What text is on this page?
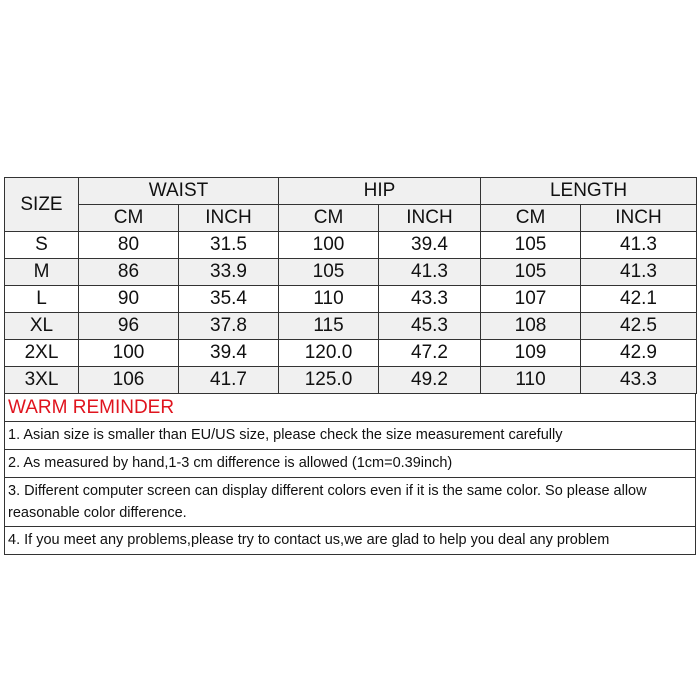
SIZE	WAIST		HIP		LENGTH	
	CM	INCH	CM	INCH	CM	INCH
S	80	31.5	100	39.4	105	41.3
M	86	33.9	105	41.3	105	41.3
L	90	35.4	110	43.3	107	42.1
XL	96	37.8	115	45.3	108	42.5
2XL	100	39.4	120.0	47.2	109	42.9
3XL	106	41.7	125.0	49.2	110	43.3
WARM REMINDER
1. Asian size is smaller than EU/US size, please check the size measurement carefully
2. As measured by hand,1-3 cm difference is allowed (1cm=0.39inch)
3. Different computer screen can display different colors even if it is the same color. So please allow reasonable color difference.
4. If you meet any problems,please try to contact us,we are glad to help you deal any problem
